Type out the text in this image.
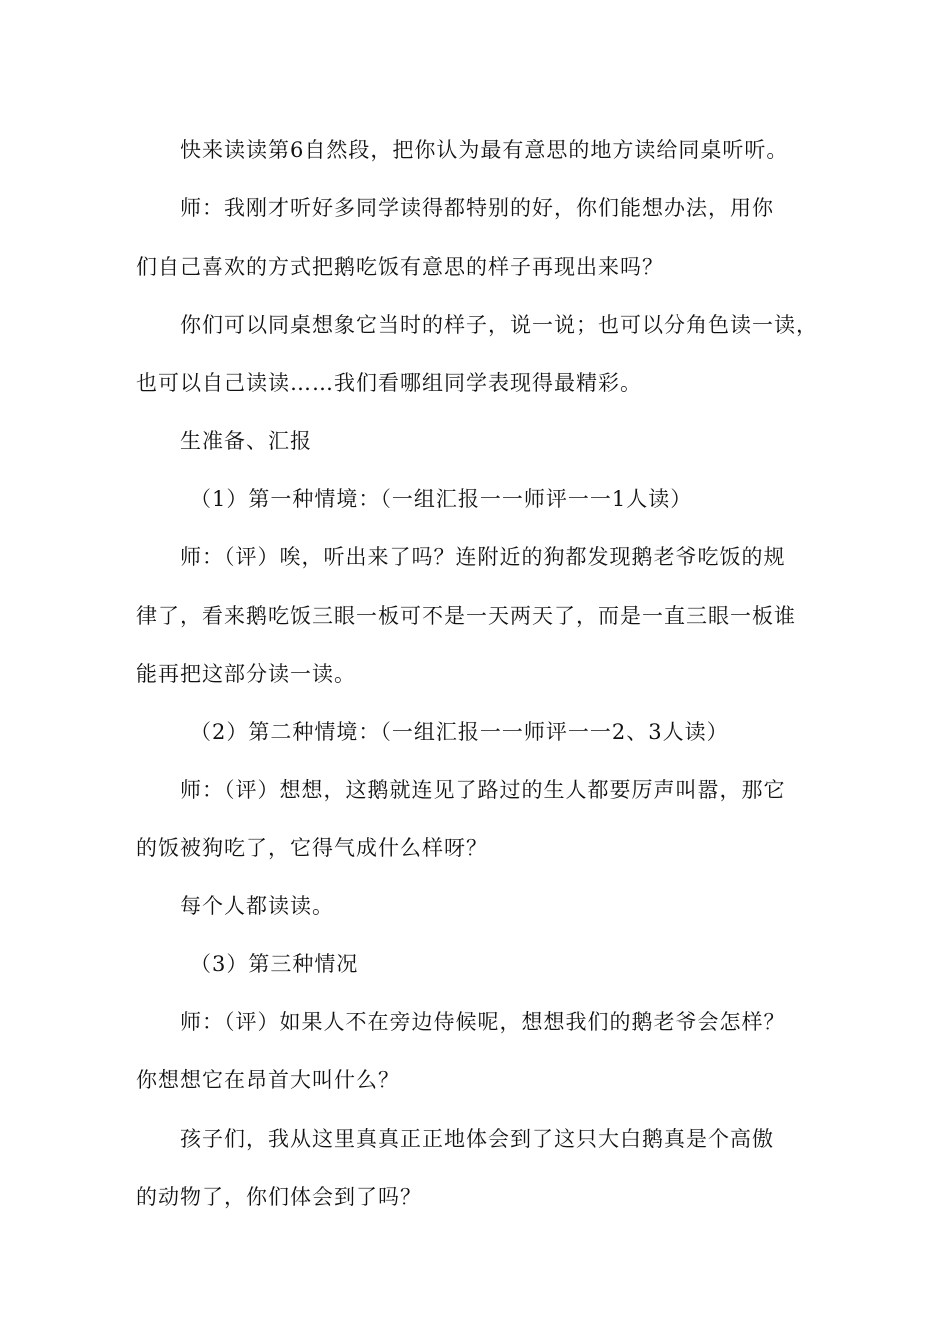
快来读读第6自然段，把你认为最有意思的地方读给同桌听听。
师：我刚才听好多同学读得都特别的好，你们能想办法，用你
们自己喜欢的方式把鹅吃饭有意思的样子再现出来吗？
你们可以同桌想象它当时的样子，说一说；也可以分角色读一读，
也可以自己读读……我们看哪组同学表现得最精彩。
生准备、汇报
（1）第一种情境：（一组汇报一一师评一一1人读）
师：（评）唉，听出来了吗？连附近的狗都发现鹅老爷吃饭的规
律了，看来鹅吃饭三眼一板可不是一天两天了，而是一直三眼一板谁
能再把这部分读一读。
（2）第二种情境：（一组汇报一一师评一一2、3人读）
师：（评）想想，这鹅就连见了路过的生人都要厉声叫嚣，那它
的饭被狗吃了，它得气成什么样呀？
每个人都读读。
（3）第三种情况
师：（评）如果人不在旁边侍候呢，想想我们的鹅老爷会怎样？
你想想它在昂首大叫什么？
孩子们，我从这里真真正正地体会到了这只大白鹅真是个高傲
的动物了，你们体会到了吗？
